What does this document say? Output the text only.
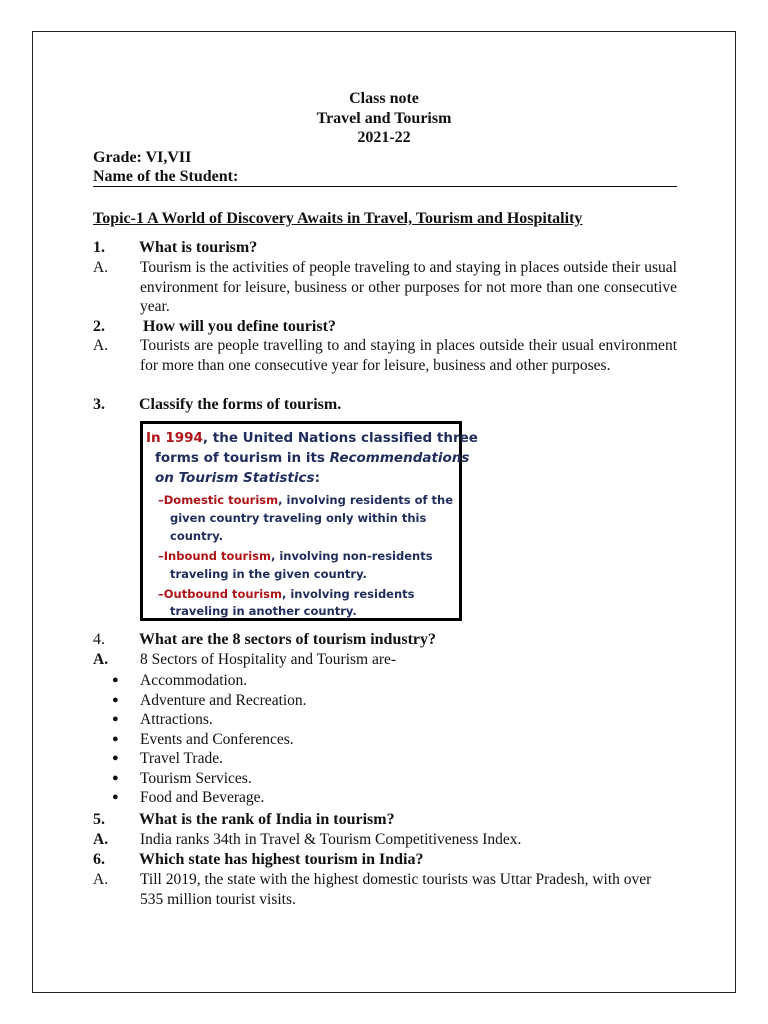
Class note
Travel and Tourism
2021-22
Grade: VI,VII
Name of the Student:
Topic-1 A World of Discovery Awaits in Travel, Tourism and Hospitality
1. What is tourism?
A. Tourism is the activities of people traveling to and staying in places outside their usual environment for leisure, business or other purposes for not more than one consecutive year.
2. How will you define tourist?
A. Tourists are people travelling to and staying in places outside their usual environment for more than one consecutive year for leisure, business and other purposes.
3. Classify the forms of tourism.
In 1994, the United Nations classified three
forms of tourism in its Recommendations
on Tourism Statistics:
–Domestic tourism, involving residents of the
given country traveling only within this
country.
–Inbound tourism, involving non-residents
traveling in the given country.
–Outbound tourism, involving residents
traveling in another country.
4. What are the 8 sectors of tourism industry?
A. 8 Sectors of Hospitality and Tourism are-
● Accommodation.
● Adventure and Recreation.
● Attractions.
● Events and Conferences.
● Travel Trade.
● Tourism Services.
● Food and Beverage.
5. What is the rank of India in tourism?
A. India ranks 34th in Travel & Tourism Competitiveness Index.
6. Which state has highest tourism in India?
A. Till 2019, the state with the highest domestic tourists was Uttar Pradesh, with over 535 million tourist visits.
